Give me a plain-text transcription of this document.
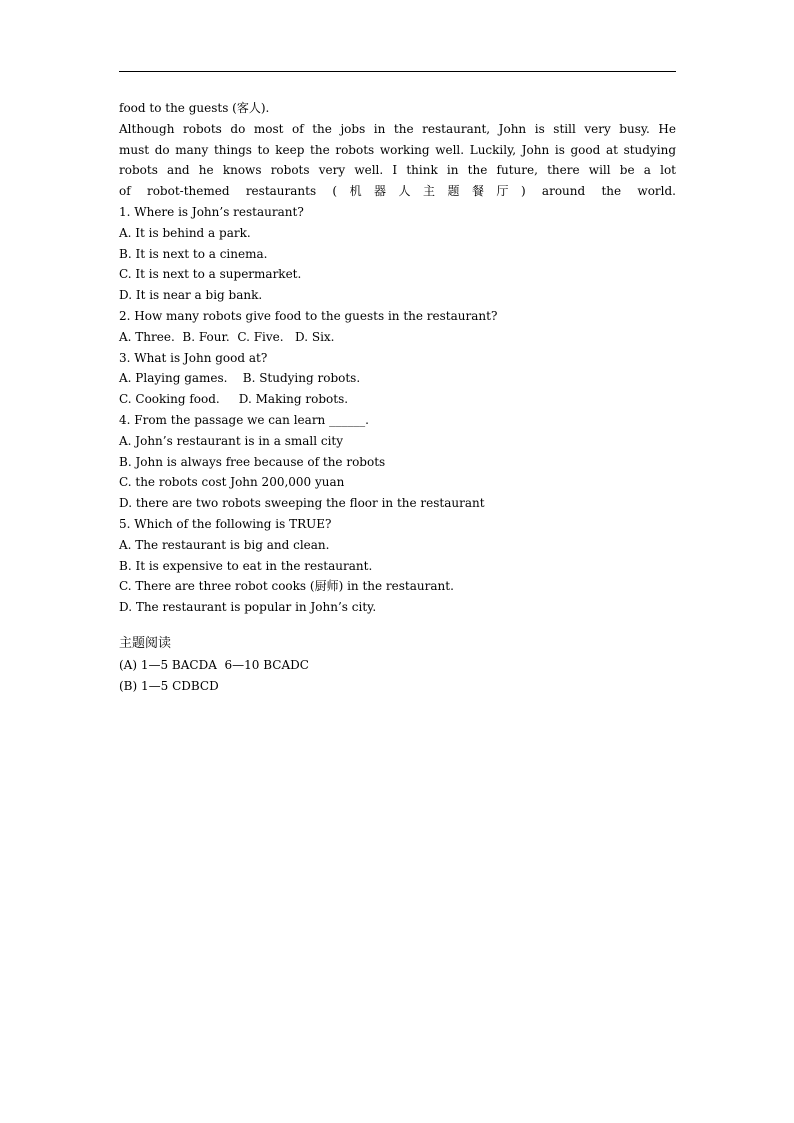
food to the guests (客人).
Although robots do most of the jobs in the restaurant, John is still very busy. He
must do many things to keep the robots working well. Luckily, John is good at studying
robots and he knows robots very well. I think in the future, there will be a lot
of robot-themed restaurants (机器人主题餐厅) around the world.
1. Where is John’s restaurant?
A. It is behind a park.
B. It is next to a cinema.
C. It is next to a supermarket.
D. It is near a big bank.
2. How many robots give food to the guests in the restaurant?
A. Three.  B. Four.  C. Five.   D. Six.
3. What is John good at?
A. Playing games.    B. Studying robots.
C. Cooking food.     D. Making robots.
4. From the passage we can learn ______.
A. John’s restaurant is in a small city
B. John is always free because of the robots
C. the robots cost John 200,000 yuan
D. there are two robots sweeping the floor in the restaurant
5. Which of the following is TRUE?
A. The restaurant is big and clean.
B. It is expensive to eat in the restaurant.
C. There are three robot cooks (厨师) in the restaurant.
D. The restaurant is popular in John’s city.
主题阅读
(A) 1—5 BACDA  6—10 BCADC
(B) 1—5 CDBCD
